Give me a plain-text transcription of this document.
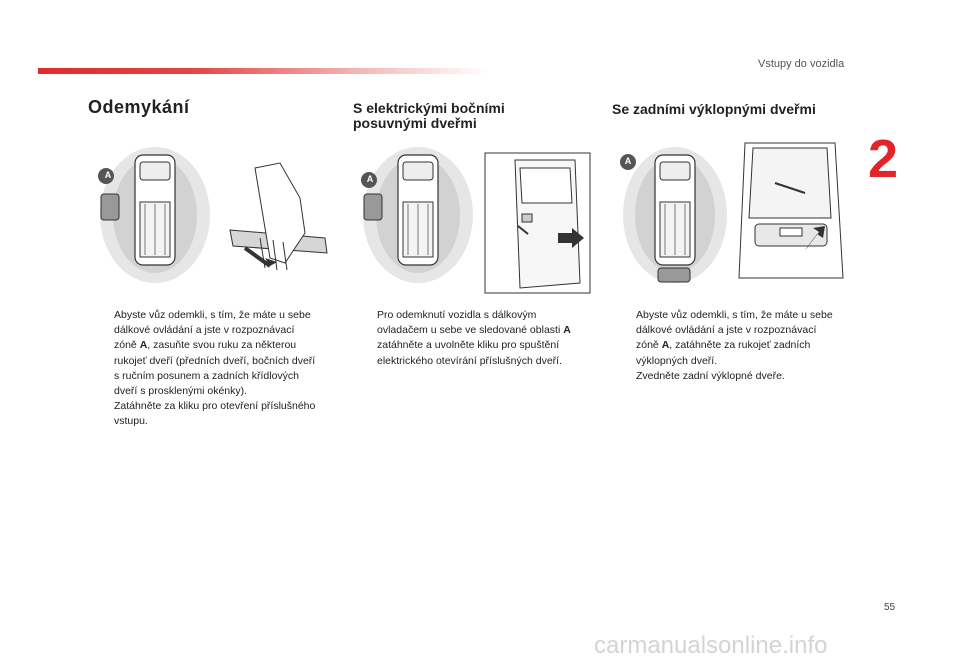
Vstupy do vozidla
2
Odemykání
A
Abyste vůz odemkli, s tím, že máte u sebe
dálkové ovládání a jste v rozpoznávací
zóně A, zasuňte svou ruku za některou
rukojeť dveří (předních dveří, bočních dveří
s ručním posunem a zadních křídlových
dveří s prosklenými okénky).
Zatáhněte za kliku pro otevření příslušného
vstupu.
S elektrickými bočními
posuvnými dveřmi
A
Pro odemknutí vozidla s dálkovým
ovladačem u sebe ve sledované oblasti A
zatáhněte a uvolněte kliku pro spuštění
elektrického otevírání příslušných dveří.
Se zadními výklopnými dveřmi
A
Abyste vůz odemkli, s tím, že máte u sebe
dálkové ovládání a jste v rozpoznávací
zóně A, zatáhněte za rukojeť zadních
výklopných dveří.
Zvedněte zadní výklopné dveře.
55
carmanualsonline.info
